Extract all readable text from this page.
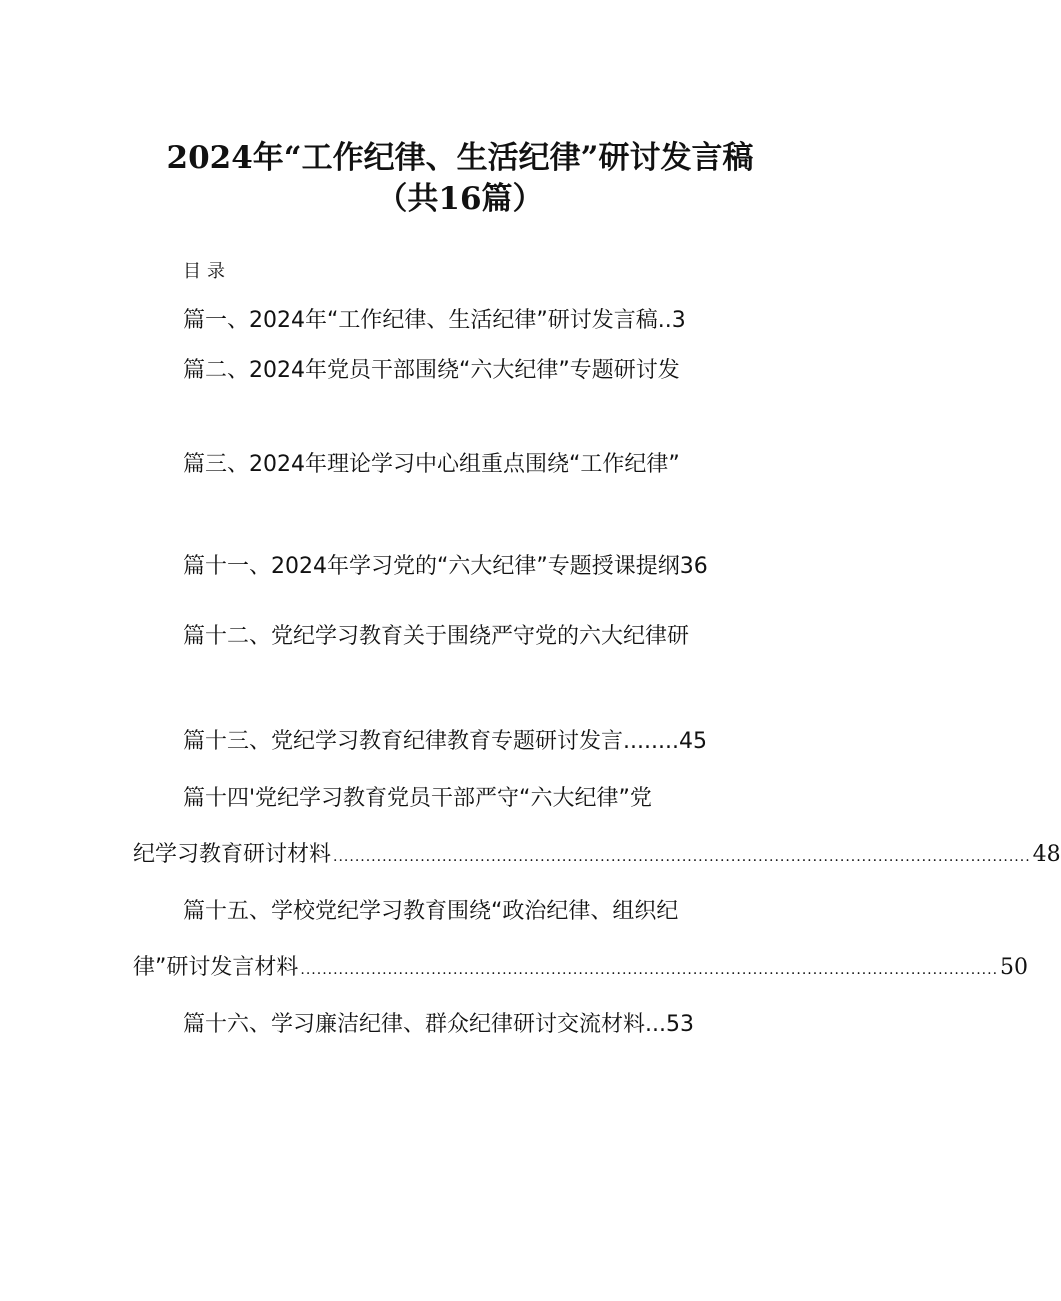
2024年“工作纪律、生活纪律”研讨发言稿
（共16篇）
目录
篇一、2024年“工作纪律、生活纪律”研讨发言稿..3
篇二、2024年党员干部围绕“六大纪律”专题研讨发
篇三、2024年理论学习中心组重点围绕“工作纪律”
篇十一、2024年学习党的“六大纪律”专题授课提纲36
篇十二、党纪学习教育关于围绕严守党的六大纪律研
篇十三、党纪学习教育纪律教育专题研讨发言........45
篇十四'党纪学习教育党员干部严守“六大纪律”党
纪学习教育研讨材料 ................................................................................................................................ 48
篇十五、学校党纪学习教育围绕“政治纪律、组织纪
律”研讨发言材料 ................................................................................................................................ 50
篇十六、学习廉洁纪律、群众纪律研讨交流材料...53
